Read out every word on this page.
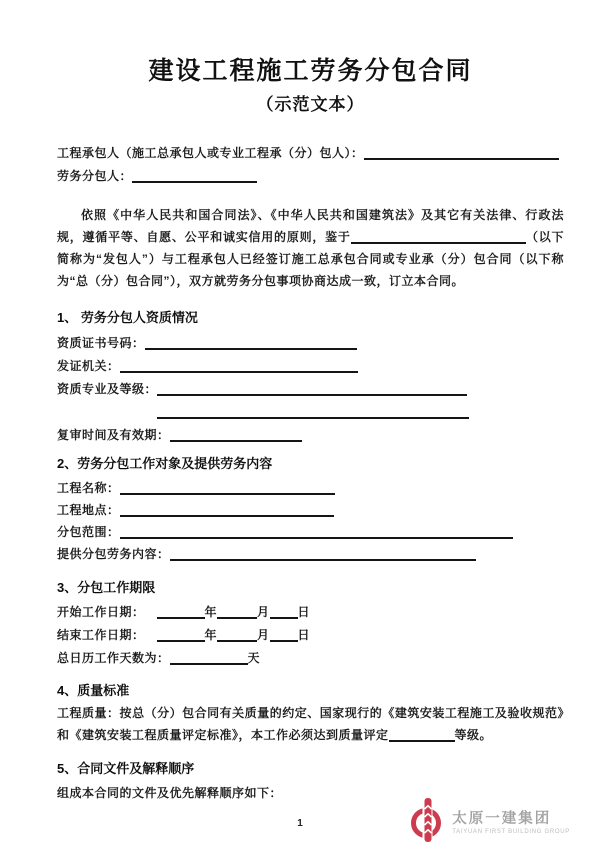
建设工程施工劳务分包合同
（示范文本）
工程承包人（施工总承包人或专业工程承（分）包人）：
劳务分包人：
依照《中华人民共和国合同法》、《中华人民共和国建筑法》及其它有关法律、行政法规，遵循平等、自愿、公平和诚实信用的原则，鉴于	（以下简称为“发包人”）与工程承包人已经签订施工总承包合同或专业承（分）包合同（以下称为“总（分）包合同”），双方就劳务分包事项协商达成一致，订立本合同。
1、 劳务分包人资质情况
资质证书号码：
发证机关：
资质专业及等级：
复审时间及有效期：
2、劳务分包工作对象及提供劳务内容
工程名称：
工程地点：
分包范围：
提供分包劳务内容：
3、分包工作期限
开始工作日期：	年	月 日
结束工作日期：	年	月 日
总日历工作天数为：	天
4、质量标准
工程质量：按总（分）包合同有关质量的约定、国家现行的《建筑安装工程施工及验收规范》和《建筑安装工程质量评定标准》，本工作必须达到质量评定	等级。
5、合同文件及解释顺序
组成本合同的文件及优先解释顺序如下：
1	太原一建集团
TAIYUAN FIRST BUILDING GROUP
